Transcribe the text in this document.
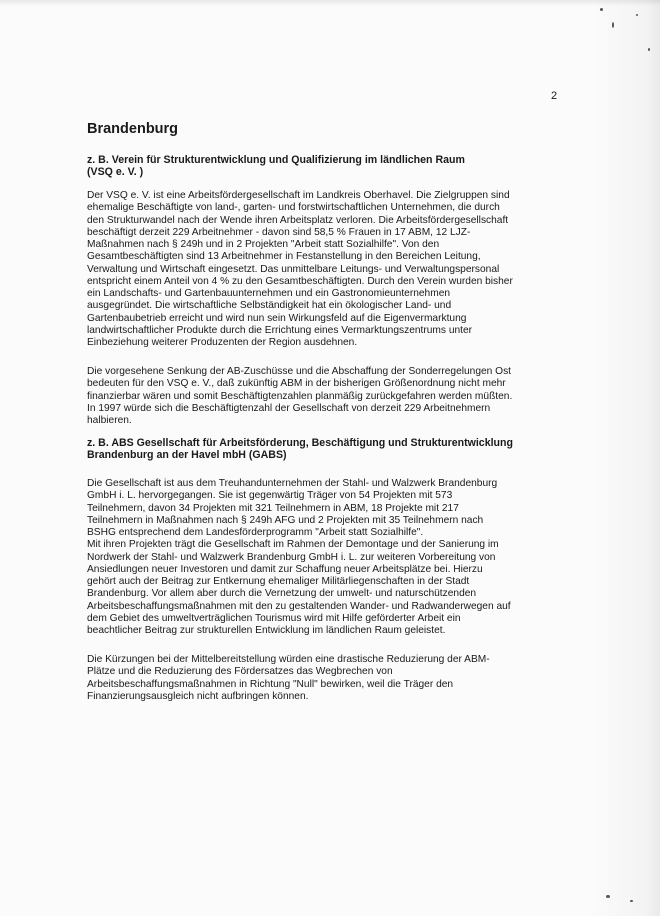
2
Brandenburg
z. B. Verein für Strukturentwicklung und Qualifizierung im ländlichen Raum
(VSQ e. V. )
Der VSQ e. V. ist eine Arbeitsfördergesellschaft im Landkreis Oberhavel. Die Zielgruppen sind
ehemalige Beschäftigte von land-, garten- und forstwirtschaftlichen Unternehmen, die durch
den Strukturwandel nach der Wende ihren Arbeitsplatz verloren. Die Arbeitsfördergesellschaft
beschäftigt derzeit 229 Arbeitnehmer - davon sind 58,5 % Frauen in 17 ABM, 12 LJZ-
Maßnahmen nach § 249h und in 2 Projekten "Arbeit statt Sozialhilfe". Von den
Gesamtbeschäftigten sind 13 Arbeitnehmer in Festanstellung in den Bereichen Leitung,
Verwaltung und Wirtschaft eingesetzt. Das unmittelbare Leitungs- und Verwaltungspersonal
entspricht einem Anteil von 4 % zu den Gesamtbeschäftigten. Durch den Verein wurden bisher
ein Landschafts- und Gartenbauunternehmen und ein Gastronomieunternehmen
ausgegründet. Die wirtschaftliche Selbständigkeit hat ein ökologischer Land- und
Gartenbaubetrieb erreicht und wird nun sein Wirkungsfeld auf die Eigenvermarktung
landwirtschaftlicher Produkte durch die Errichtung eines Vermarktungszentrums unter
Einbeziehung weiterer Produzenten der Region ausdehnen.
Die vorgesehene Senkung der AB-Zuschüsse und die Abschaffung der Sonderregelungen Ost
bedeuten für den VSQ e. V., daß zukünftig ABM in der bisherigen Größenordnung nicht mehr
finanzierbar wären und somit Beschäftigtenzahlen planmäßig zurückgefahren werden müßten.
In 1997 würde sich die Beschäftigtenzahl der Gesellschaft von derzeit 229 Arbeitnehmern
halbieren.
z. B. ABS Gesellschaft für Arbeitsförderung, Beschäftigung und Strukturentwicklung
Brandenburg an der Havel mbH (GABS)
Die Gesellschaft ist aus dem Treuhandunternehmen der Stahl- und Walzwerk Brandenburg
GmbH i. L. hervorgegangen. Sie ist gegenwärtig Träger von 54 Projekten mit 573
Teilnehmern, davon 34 Projekten mit 321 Teilnehmern in ABM, 18 Projekte mit 217
Teilnehmern in Maßnahmen nach § 249h AFG und 2 Projekten mit 35 Teilnehmern nach
BSHG entsprechend dem Landesförderprogramm "Arbeit statt Sozialhilfe".
Mit ihren Projekten trägt die Gesellschaft im Rahmen der Demontage und der Sanierung im
Nordwerk der Stahl- und Walzwerk Brandenburg GmbH i. L. zur weiteren Vorbereitung von
Ansiedlungen neuer Investoren und damit zur Schaffung neuer Arbeitsplätze bei. Hierzu
gehört auch der Beitrag zur Entkernung ehemaliger Militärliegenschaften in der Stadt
Brandenburg. Vor allem aber durch die Vernetzung der umwelt- und naturschützenden
Arbeitsbeschaffungsmaßnahmen mit den zu gestaltenden Wander- und Radwanderwegen auf
dem Gebiet des umweltverträglichen Tourismus wird mit Hilfe geförderter Arbeit ein
beachtlicher Beitrag zur strukturellen Entwicklung im ländlichen Raum geleistet.
Die Kürzungen bei der Mittelbereitstellung würden eine drastische Reduzierung der ABM-
Plätze und die Reduzierung des Fördersatzes das Wegbrechen von
Arbeitsbeschaffungsmaßnahmen in Richtung "Null" bewirken, weil die Träger den
Finanzierungsausgleich nicht aufbringen können.
